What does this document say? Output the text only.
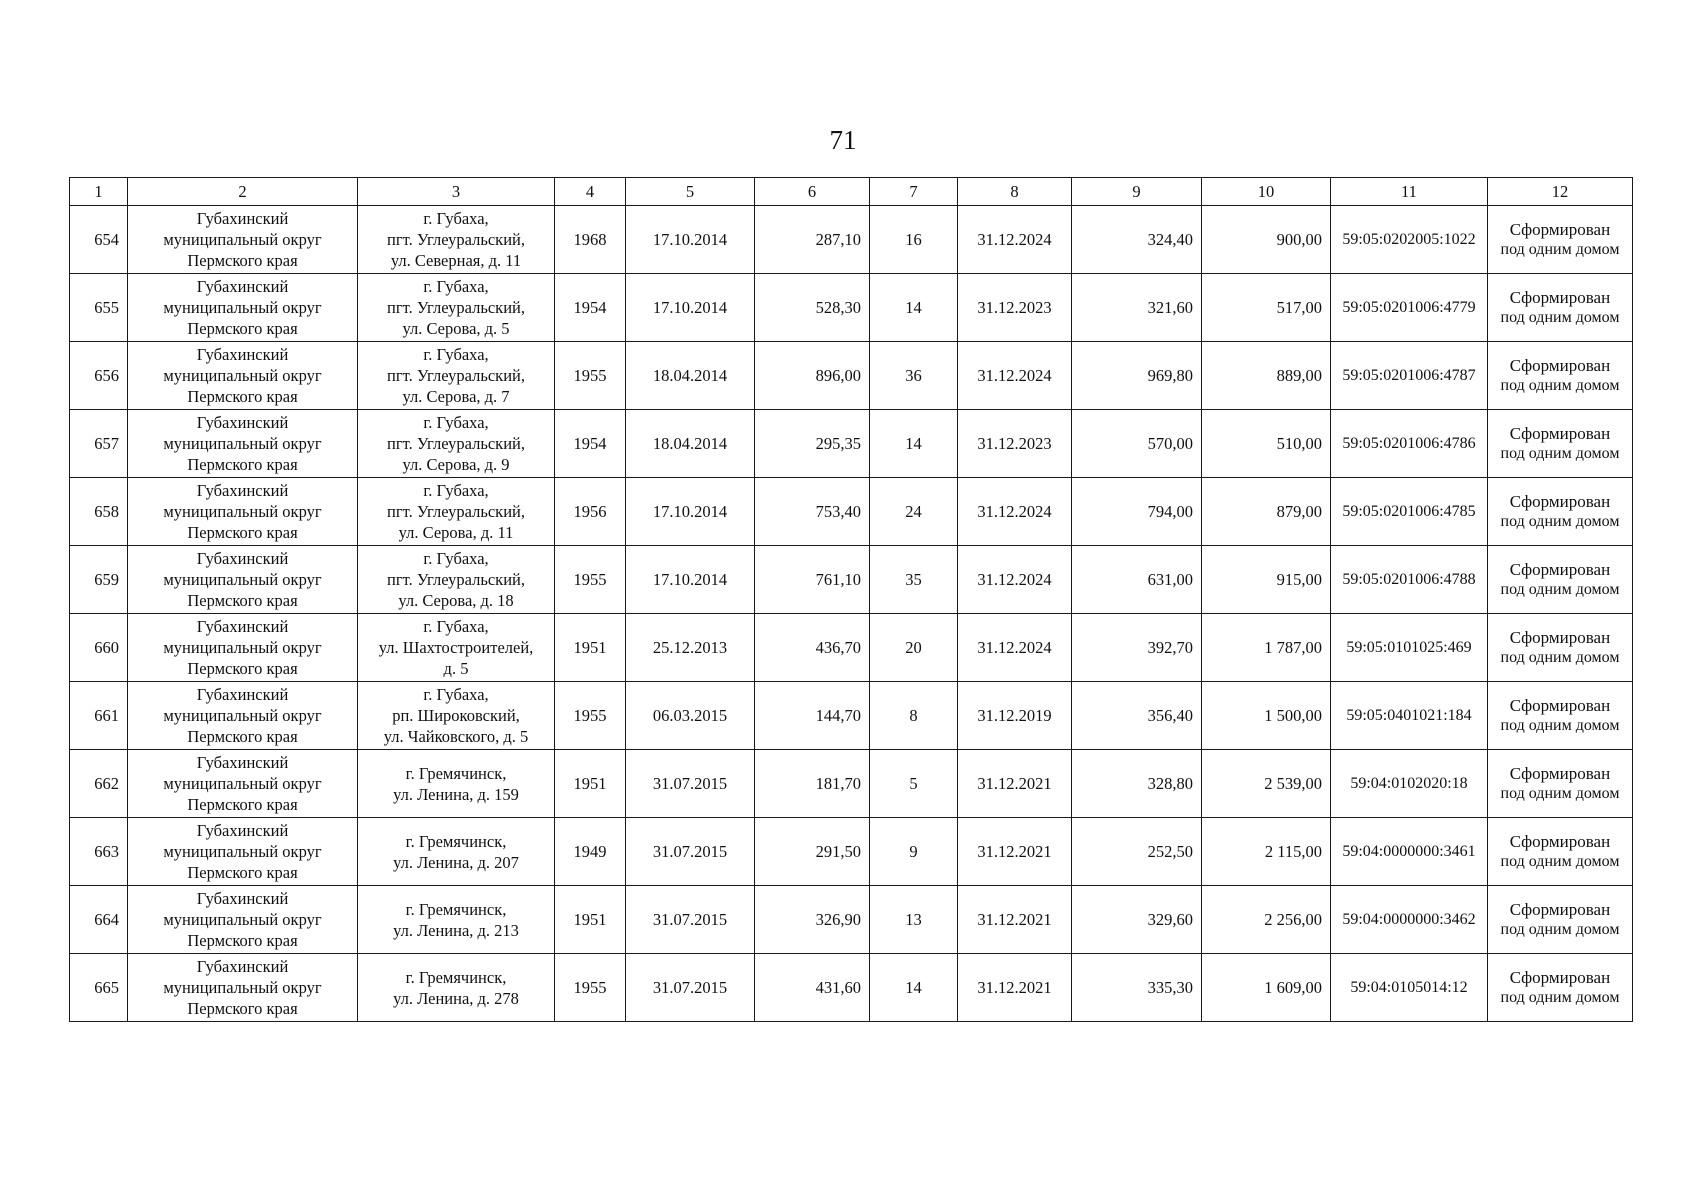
71
1	2	3	4	5	6	7	8	9	10	11	12
654	Губахинский
муниципальный округ
Пермского края	г. Губаха,
пгт. Углеуральский,
ул. Северная, д. 11	1968	17.10.2014	287,10	16	31.12.2024	324,40	900,00	59:05:0202005:1022	Сформирован
под одним домом

655	Губахинский
муниципальный округ
Пермского края	г. Губаха,
пгт. Углеуральский,
ул. Серова, д. 5	1954	17.10.2014	528,30	14	31.12.2023	321,60	517,00	59:05:0201006:4779	Сформирован
под одним домом

656	Губахинский
муниципальный округ
Пермского края	г. Губаха,
пгт. Углеуральский,
ул. Серова, д. 7	1955	18.04.2014	896,00	36	31.12.2024	969,80	889,00	59:05:0201006:4787	Сформирован
под одним домом

657	Губахинский
муниципальный округ
Пермского края	г. Губаха,
пгт. Углеуральский,
ул. Серова, д. 9	1954	18.04.2014	295,35	14	31.12.2023	570,00	510,00	59:05:0201006:4786	Сформирован
под одним домом

658	Губахинский
муниципальный округ
Пермского края	г. Губаха,
пгт. Углеуральский,
ул. Серова, д. 11	1956	17.10.2014	753,40	24	31.12.2024	794,00	879,00	59:05:0201006:4785	Сформирован
под одним домом

659	Губахинский
муниципальный округ
Пермского края	г. Губаха,
пгт. Углеуральский,
ул. Серова, д. 18	1955	17.10.2014	761,10	35	31.12.2024	631,00	915,00	59:05:0201006:4788	Сформирован
под одним домом

660	Губахинский
муниципальный округ
Пермского края	г. Губаха,
ул. Шахтостроителей,
д. 5	1951	25.12.2013	436,70	20	31.12.2024	392,70	1 787,00	59:05:0101025:469	Сформирован
под одним домом

661	Губахинский
муниципальный округ
Пермского края	г. Губаха,
рп. Широковский,
ул. Чайковского, д. 5	1955	06.03.2015	144,70	8	31.12.2019	356,40	1 500,00	59:05:0401021:184	Сформирован
под одним домом

662	Губахинский
муниципальный округ
Пермского края	г. Гремячинск,
ул. Ленина, д. 159	1951	31.07.2015	181,70	5	31.12.2021	328,80	2 539,00	59:04:0102020:18	Сформирован
под одним домом

663	Губахинский
муниципальный округ
Пермского края	г. Гремячинск,
ул. Ленина, д. 207	1949	31.07.2015	291,50	9	31.12.2021	252,50	2 115,00	59:04:0000000:3461	Сформирован
под одним домом

664	Губахинский
муниципальный округ
Пермского края	г. Гремячинск,
ул. Ленина, д. 213	1951	31.07.2015	326,90	13	31.12.2021	329,60	2 256,00	59:04:0000000:3462	Сформирован
под одним домом

665	Губахинский
муниципальный округ
Пермского края	г. Гремячинск,
ул. Ленина, д. 278	1955	31.07.2015	431,60	14	31.12.2021	335,30	1 609,00	59:04:0105014:12	Сформирован
под одним домом
